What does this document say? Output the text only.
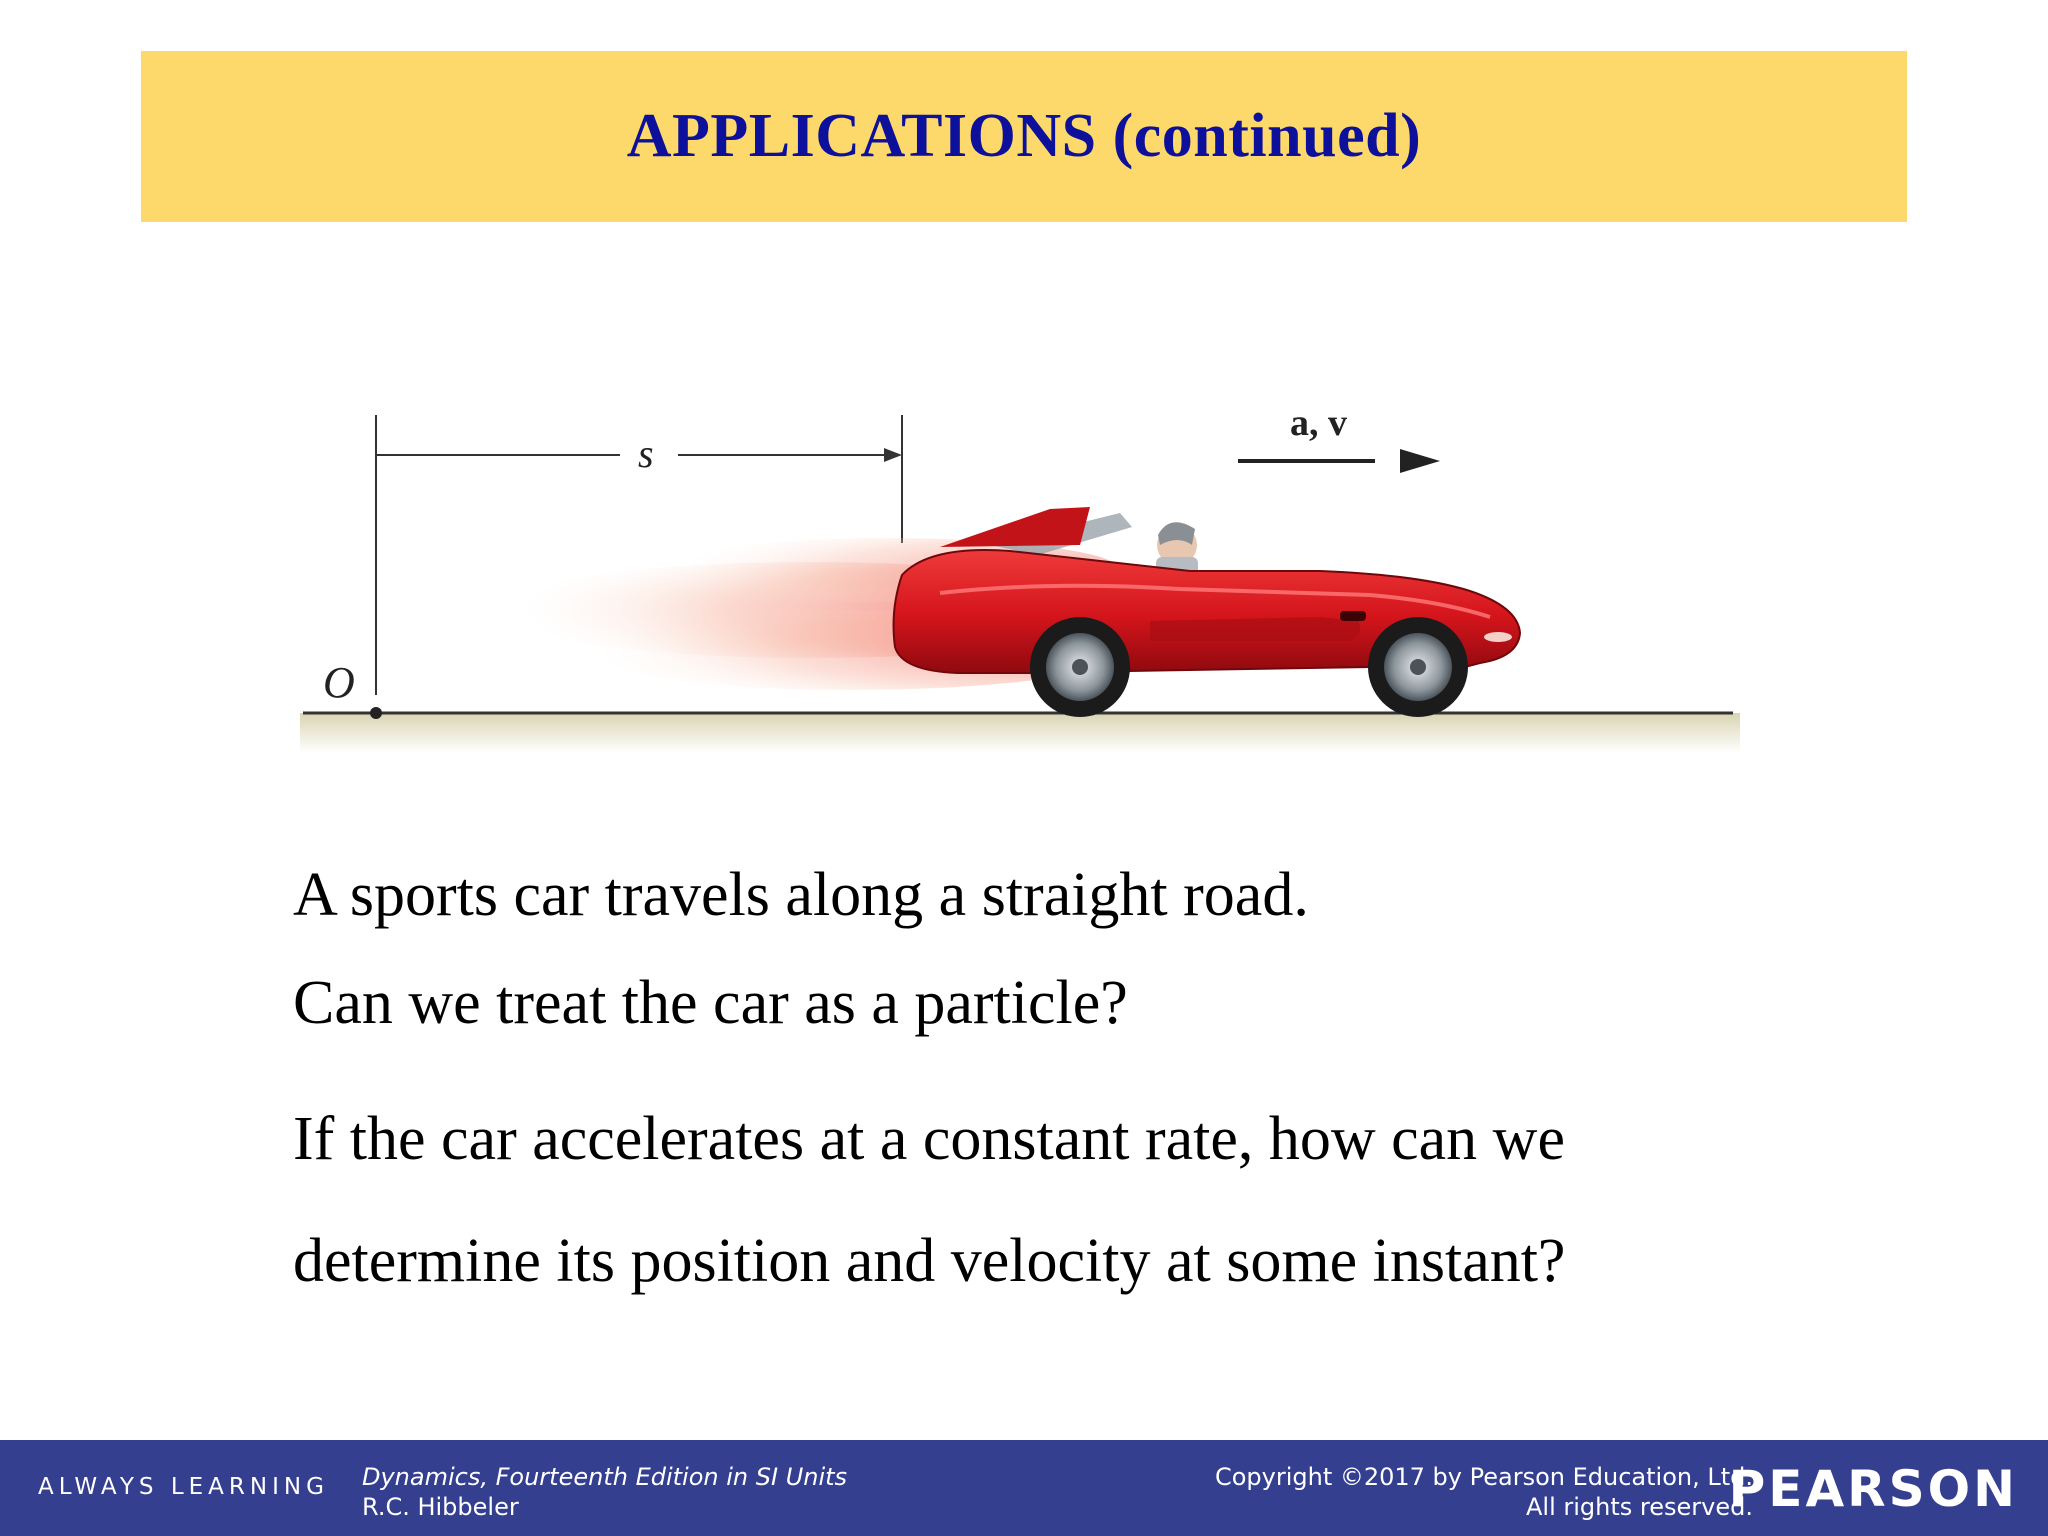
APPLICATIONS (continued)
O
s
a, v
A sports car travels along a straight road.
Can we treat the car as a particle?
If the car accelerates at a constant rate, how can we
determine its position and velocity at some instant?
ALWAYS LEARNING Dynamics, Fourteenth Edition in SI Units
R.C. Hibbeler
Copyright ©2017 by Pearson Education, Ltd.
All rights reserved.
PEARSON
